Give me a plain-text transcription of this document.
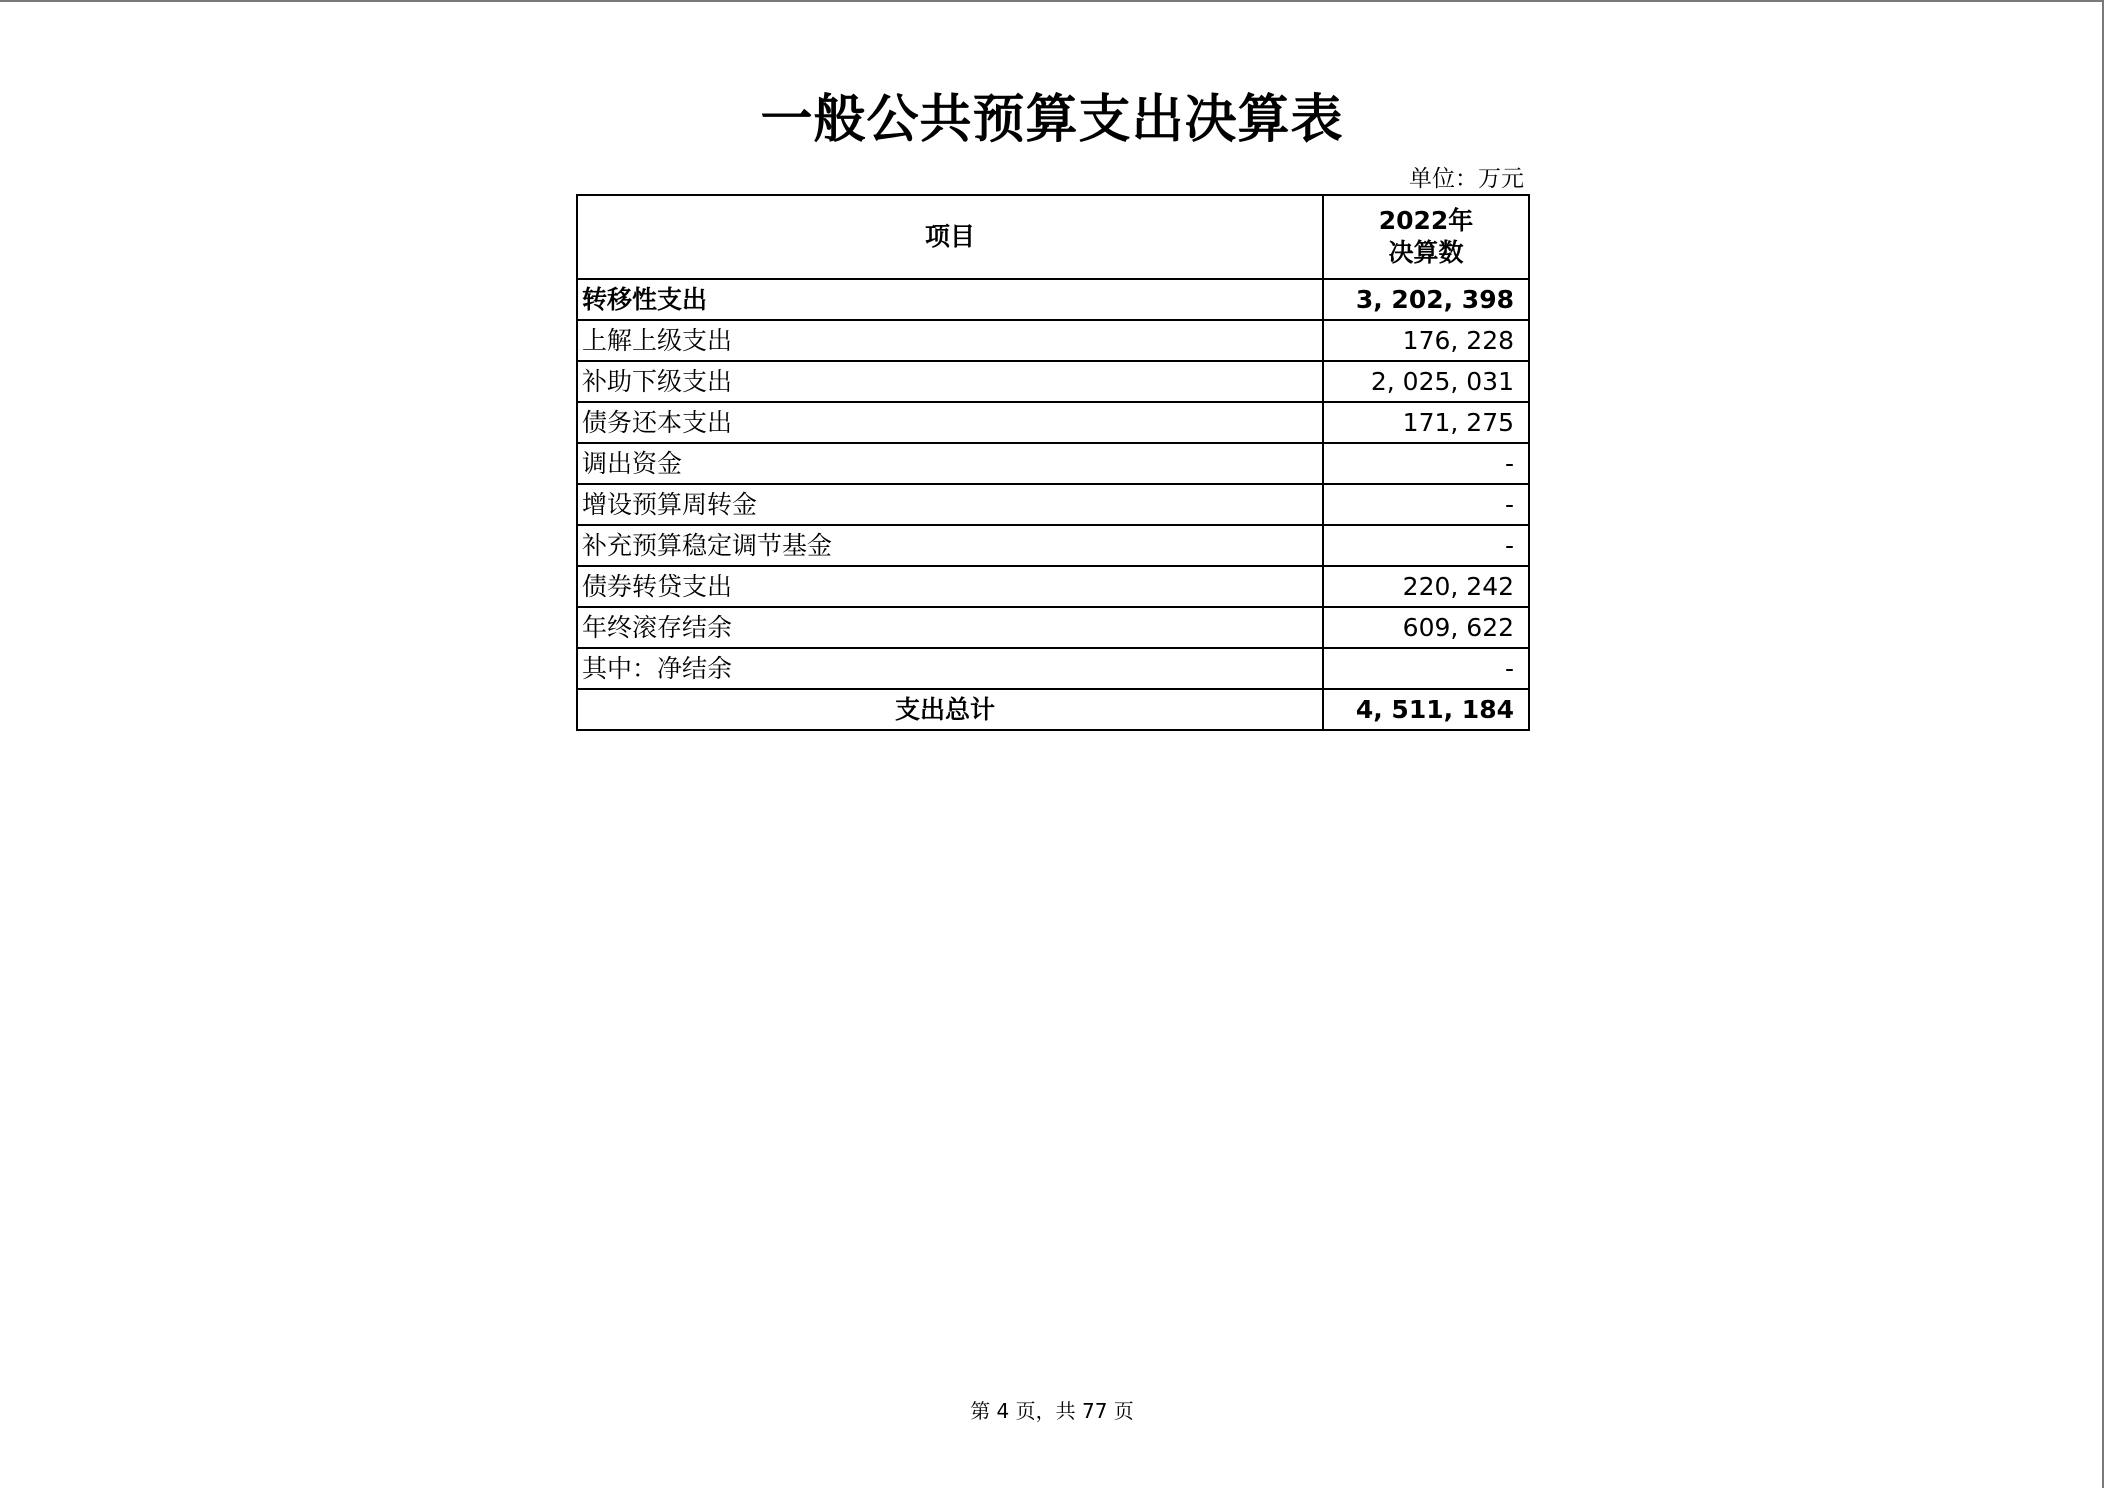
一般公共预算支出决算表
单位：万元
项目	2022年
决算数
转移性支出	3, 202, 398
上解上级支出	176, 228
补助下级支出	2, 025, 031
债务还本支出	171, 275
调出资金	-
增设预算周转金	-
补充预算稳定调节基金	-
债券转贷支出	220, 242
年终滚存结余	609, 622
其中：净结余	-
支出总计	4, 511, 184
第 4 页，共 77 页
